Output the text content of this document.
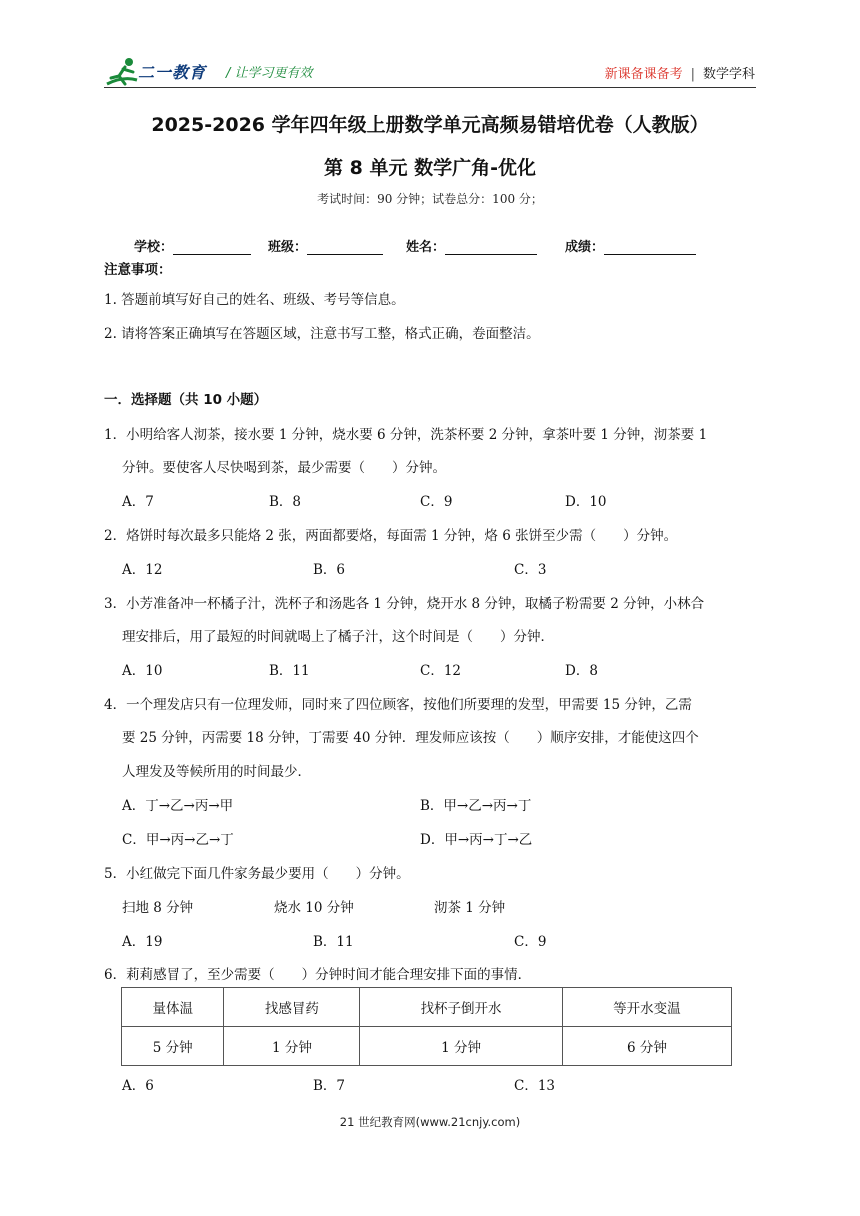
二一教育 / 让学习更有效	新课备课备考 | 数学学科
2025-2026 学年四年级上册数学单元高频易错培优卷（人教版）
第 8 单元 数学广角-优化
考试时间：90 分钟；试卷总分：100 分；
学校：	班级：	姓名：	成绩：
注意事项：
1. 答题前填写好自己的姓名、班级、考号等信息。
2. 请将答案正确填写在答题区域，注意书写工整，格式正确，卷面整洁。
一．选择题（共 10 小题）
1．小明给客人沏茶，接水要 1 分钟，烧水要 6 分钟，洗茶杯要 2 分钟，拿茶叶要 1 分钟，沏茶要 1
分钟。要使客人尽快喝到茶，最少需要（　　）分钟。
A．7	B．8	C．9	D．10
2．烙饼时每次最多只能烙 2 张，两面都要烙，每面需 1 分钟，烙 6 张饼至少需（　　）分钟。
A．12	B．6	C．3
3．小芳准备冲一杯橘子汁，洗杯子和汤匙各 1 分钟，烧开水 8 分钟，取橘子粉需要 2 分钟，小林合
理安排后，用了最短的时间就喝上了橘子汁，这个时间是（　　）分钟．
A．10	B．11	C．12	D．8
4．一个理发店只有一位理发师，同时来了四位顾客，按他们所要理的发型，甲需要 15 分钟，乙需
要 25 分钟，丙需要 18 分钟，丁需要 40 分钟．理发师应该按（　　）顺序安排，才能使这四个
人理发及等候所用的时间最少．
A．丁→乙→丙→甲	B．甲→乙→丙→丁
C．甲→丙→乙→丁	D．甲→丙→丁→乙
5．小红做完下面几件家务最少要用（　　）分钟。
扫地 8 分钟	烧水 10 分钟	沏茶 1 分钟
A．19	B．11	C．9
6．莉莉感冒了，至少需要（　　）分钟时间才能合理安排下面的事情．
量体温	找感冒药	找杯子倒开水	等开水变温
5 分钟	1 分钟	1 分钟	6 分钟
A．6	B．7	C．13
21 世纪教育网(www.21cnjy.com)
